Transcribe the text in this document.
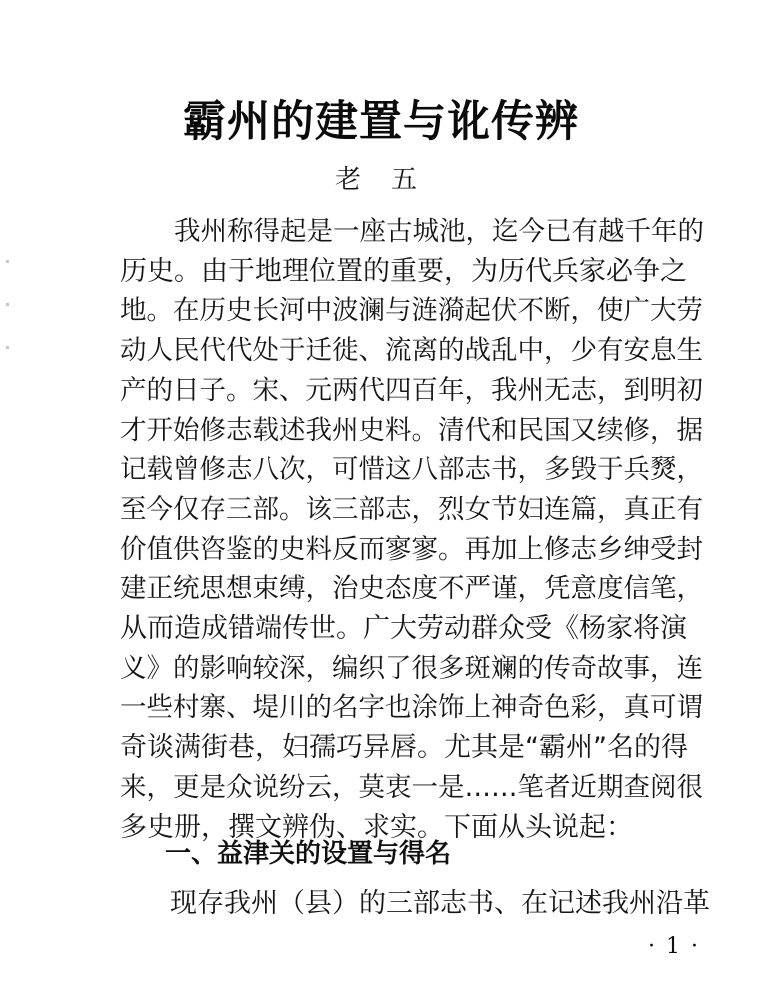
霸州的建置与讹传辨
老五

我州称得起是一座古城池，迄今已有越千年的
历史。由于地理位置的重要，为历代兵家必争之
地。在历史长河中波澜与涟漪起伏不断，使广大劳
动人民代代处于迁徙、流离的战乱中，少有安息生
产的日子。宋、元两代四百年，我州无志，到明初
才开始修志载述我州史料。清代和民国又续修，据
记载曾修志八次，可惜这八部志书，多毁于兵燹，
至今仅存三部。该三部志，烈女节妇连篇，真正有
价值供咨鉴的史料反而寥寥。再加上修志乡绅受封
建正统思想束缚，治史态度不严谨，凭意度信笔，
从而造成错端传世。广大劳动群众受《杨家将演
义》的影响较深，编织了很多斑斓的传奇故事，连
一些村寨、堤川的名字也涂饰上神奇色彩，真可谓
奇谈满街巷，妇孺巧异唇。尤其是“霸州”名的得
来，更是众说纷云，莫衷一是……笔者近期查阅很
多史册，撰文辨伪、求实。下面从头说起：

一、益津关的设置与得名
现存我州（县）的三部志书、在记述我州沿革
· 1 ·
